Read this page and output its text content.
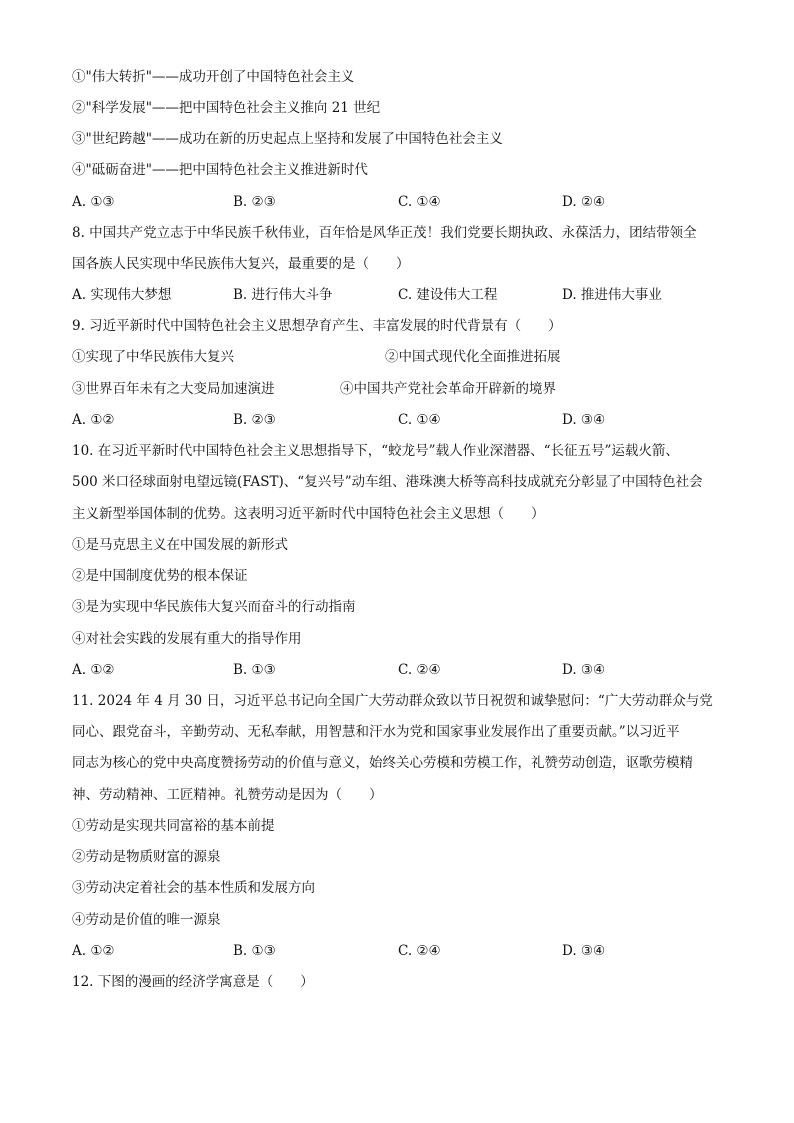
①"伟大转折"——成功开创了中国特色社会主义
②"科学发展"——把中国特色社会主义推向 21 世纪
③"世纪跨越"——成功在新的历史起点上坚持和发展了中国特色社会主义
④"砥砺奋进"——把中国特色社会主义推进新时代
A. ①③	B. ②③	C. ①④	D. ②④
8. 中国共产党立志于中华民族千秋伟业，百年恰是风华正茂！我们党要长期执政、永葆活力，团结带领全
国各族人民实现中华民族伟大复兴，最重要的是（　　）
A. 实现伟大梦想	B. 进行伟大斗争	C. 建设伟大工程	D. 推进伟大事业
9. 习近平新时代中国特色社会主义思想孕育产生、丰富发展的时代背景有（　　）
①实现了中华民族伟大复兴	②中国式现代化全面推进拓展
③世界百年未有之大变局加速演进	④中国共产党社会革命开辟新的境界
A. ①②	B. ②③	C. ①④	D. ③④
10. 在习近平新时代中国特色社会主义思想指导下，“蛟龙号”载人作业深潜器、“长征五号”运载火箭、
500 米口径球面射电望远镜(FAST)、“复兴号”动车组、港珠澳大桥等高科技成就充分彰显了中国特色社会
主义新型举国体制的优势。这表明习近平新时代中国特色社会主义思想（　　）
①是马克思主义在中国发展的新形式
②是中国制度优势的根本保证
③是为实现中华民族伟大复兴而奋斗的行动指南
④对社会实践的发展有重大的指导作用
A. ①②	B. ①③	C. ②④	D. ③④
11. 2024 年 4 月 30 日，习近平总书记向全国广大劳动群众致以节日祝贺和诚挚慰问：“广大劳动群众与党
同心、跟党奋斗，辛勤劳动、无私奉献，用智慧和汗水为党和国家事业发展作出了重要贡献。”以习近平
同志为核心的党中央高度赞扬劳动的价值与意义，始终关心劳模和劳模工作，礼赞劳动创造，讴歌劳模精
神、劳动精神、工匠精神。礼赞劳动是因为（　　）
①劳动是实现共同富裕的基本前提
②劳动是物质财富的源泉
③劳动决定着社会的基本性质和发展方向
④劳动是价值的唯一源泉
A. ①②	B. ①③	C. ②④	D. ③④
12. 下图的漫画的经济学寓意是（　　）
